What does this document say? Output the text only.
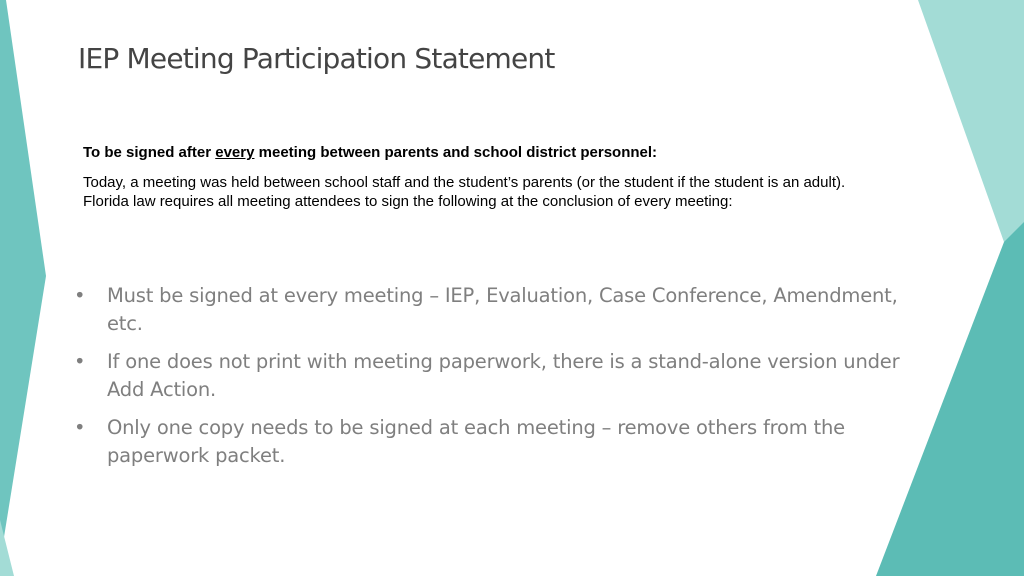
IEP Meeting Participation Statement

To be signed after every meeting between parents and school district personnel:

Today, a meeting was held between school staff and the student’s parents (or the student if the student is an adult).
Florida law requires all meeting attendees to sign the following at the conclusion of every meeting:

• Must be signed at every meeting – IEP, Evaluation, Case Conference, Amendment, etc.
• If one does not print with meeting paperwork, there is a stand-alone version under Add Action.
• Only one copy needs to be signed at each meeting – remove others from the paperwork packet.
